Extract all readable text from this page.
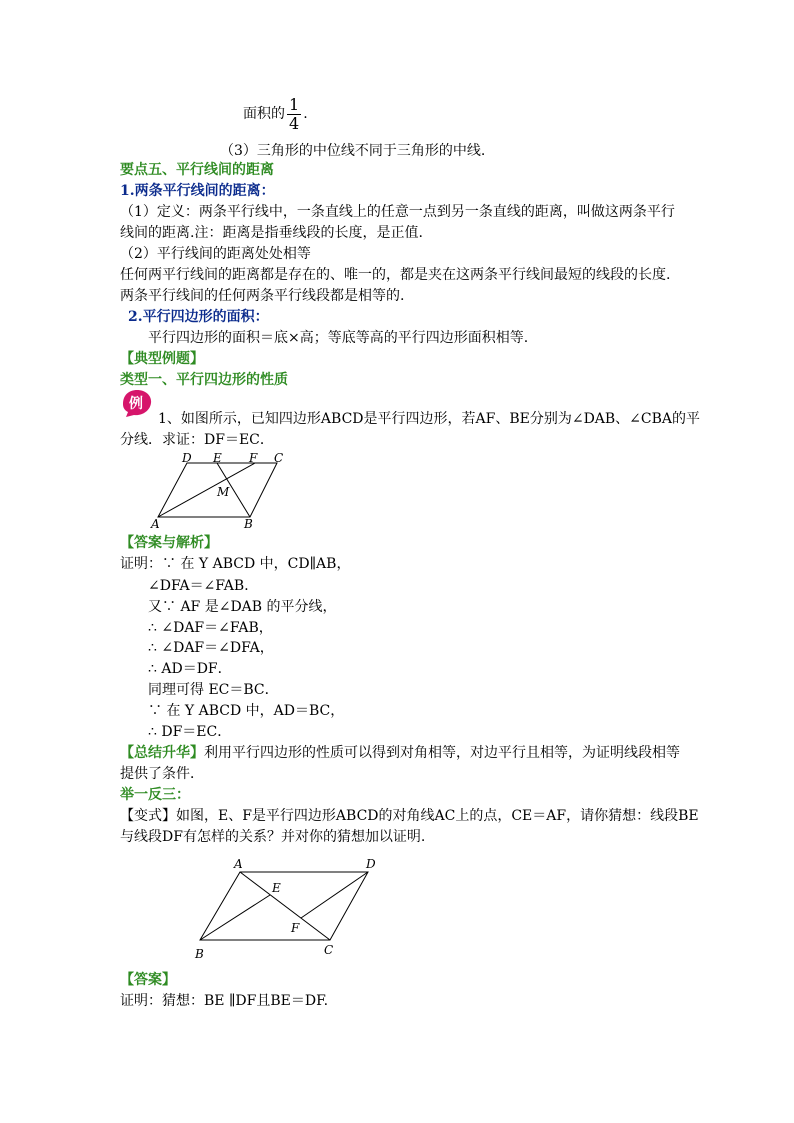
面积的 $\frac{1}{4}$ .
（3）三角形的中位线不同于三角形的中线.
要点五、平行线间的距离
1.两条平行线间的距离：
（1）定义：两条平行线中，一条直线上的任意一点到另一条直线的距离，叫做这两条平行
线间的距离.注：距离是指垂线段的长度，是正值.
（2）平行线间的距离处处相等
任何两平行线间的距离都是存在的、唯一的，都是夹在这两条平行线间最短的线段的长度.
两条平行线间的任何两条平行线段都是相等的.
2.平行四边形的面积：
平行四边形的面积＝底×高；等底等高的平行四边形面积相等.
【典型例题】
类型一、平行四边形的性质
例
1、如图所示，已知四边形ABCD是平行四边形，若AF、BE分别为∠DAB、∠CBA的平
分线．求证：DF＝EC．
D E F C
M
A	B
【答案与解析】
证明：∵ 在 Y ABCD 中，CD∥AB，
∠DFA＝∠FAB．
又∵ AF 是∠DAB 的平分线，
∴ ∠DAF＝∠FAB，
∴ ∠DAF＝∠DFA，
∴ AD＝DF．
同理可得 EC＝BC．
∵ 在 Y ABCD 中，AD＝BC，
∴ DF＝EC．
【总结升华】利用平行四边形的性质可以得到对角相等，对边平行且相等，为证明线段相等
提供了条件．
举一反三：
【变式】如图，E、F是平行四边形ABCD的对角线AC上的点，CE＝AF，请你猜想：线段BE
与线段DF有怎样的关系？并对你的猜想加以证明.
A	D
E
F
B	C
【答案】
证明：猜想：BE ∥DF且BE＝DF.
